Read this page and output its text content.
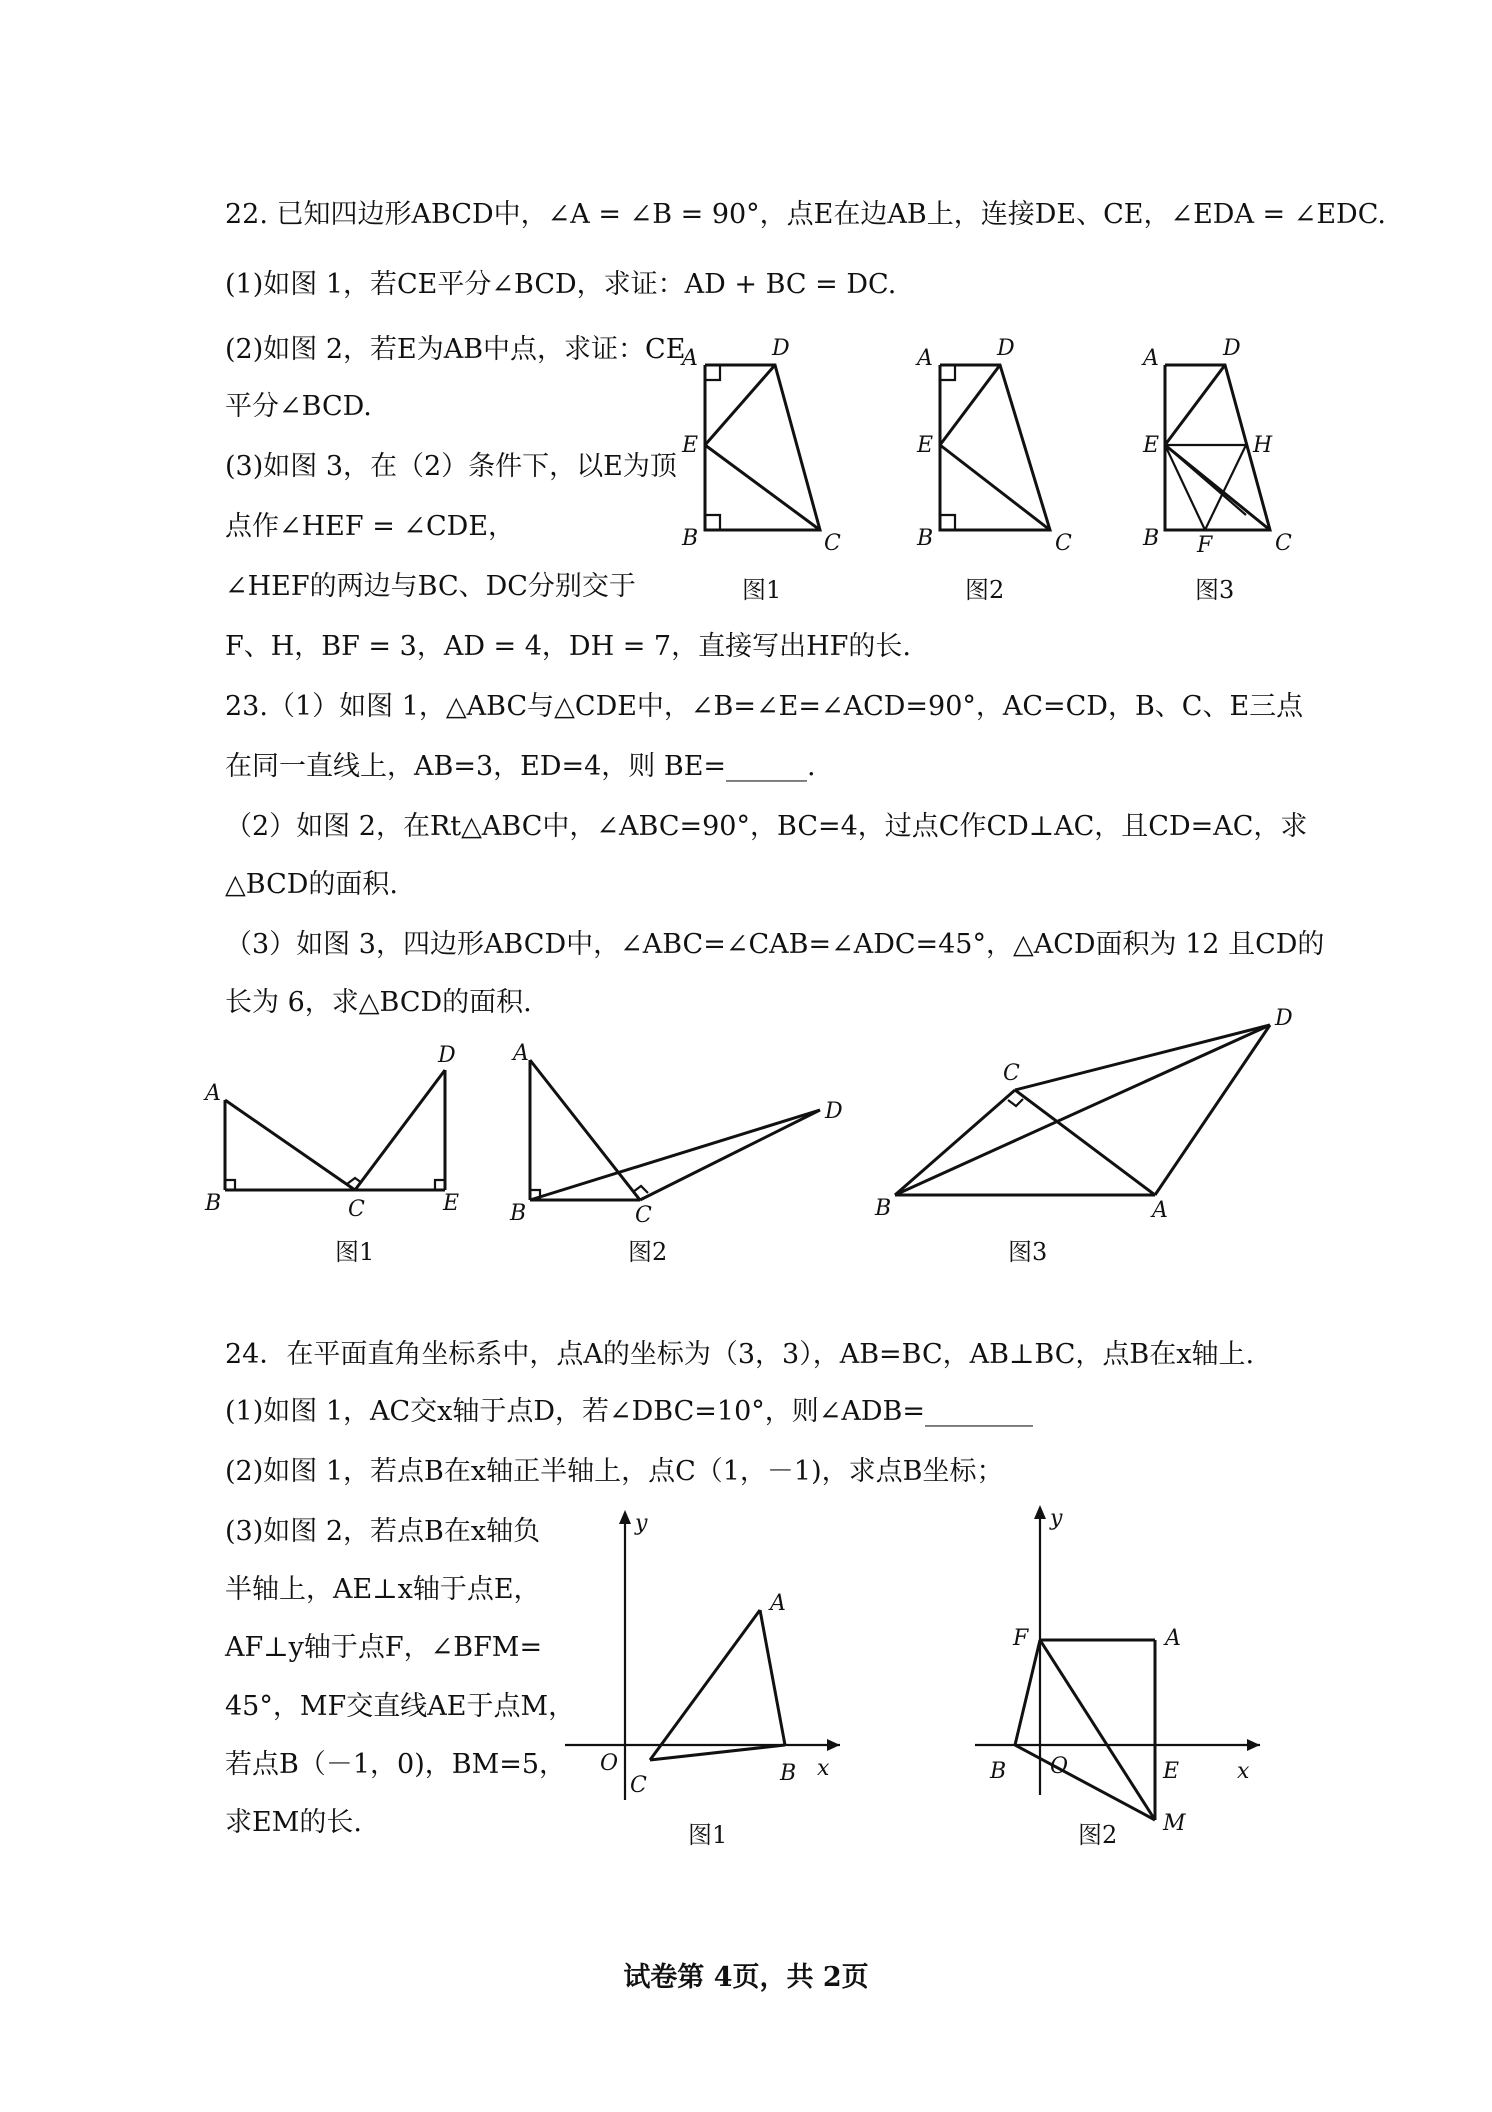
22. 已知四边形ABCD中，∠A = ∠B = 90°，点E在边AB上，连接DE、CE，∠EDA = ∠EDC.
(1)如图 1，若CE平分∠BCD，求证：AD + BC = DC.
(2)如图 2，若E为AB中点，求证：CE
平分∠BCD.
(3)如图 3，在（2）条件下，以E为顶
点作∠HEF = ∠CDE，
∠HEF的两边与BC、DC分别交于
F、H，BF = 3，AD = 4，DH = 7，直接写出HF的长.
A	D
E
B	C
图1
A	D
E
B	C
图2
A	D
E	H
B F	C
图3
23.（1）如图 1，△ABC与△CDE中，∠B=∠E=∠ACD=90°，AC=CD，B、C、E三点
在同一直线上，AB=3，ED=4，则 BE=______.
（2）如图 2，在Rt△ABC中，∠ABC=90°，BC=4，过点C作CD⊥AC，且CD=AC，求
△BCD的面积.
（3）如图 3，四边形ABCD中，∠ABC=∠CAB=∠ADC=45°，△ACD面积为 12 且CD的
长为 6，求△BCD的面积.
A
D
B	C	E
图1
A
D
B	C
图2
C
D
B	A
图3
24．在平面直角坐标系中，点A的坐标为（3，3），AB=BC，AB⊥BC，点B在x轴上.
(1)如图 1，AC交x轴于点D，若∠DBC=10°，则∠ADB=________
(2)如图 1，若点B在x轴正半轴上，点C（1，－1)，求点B坐标；
(3)如图 2，若点B在x轴负
半轴上，AE⊥x轴于点E，
AF⊥y轴于点F，∠BFM=
45°，MF交直线AE于点M，
若点B（－1，0)，BM=5，
求EM的长.
y
A
O	B x
C
图1
y
F	A
B O	E	x
M
图2
试卷第 4页，共 2页
